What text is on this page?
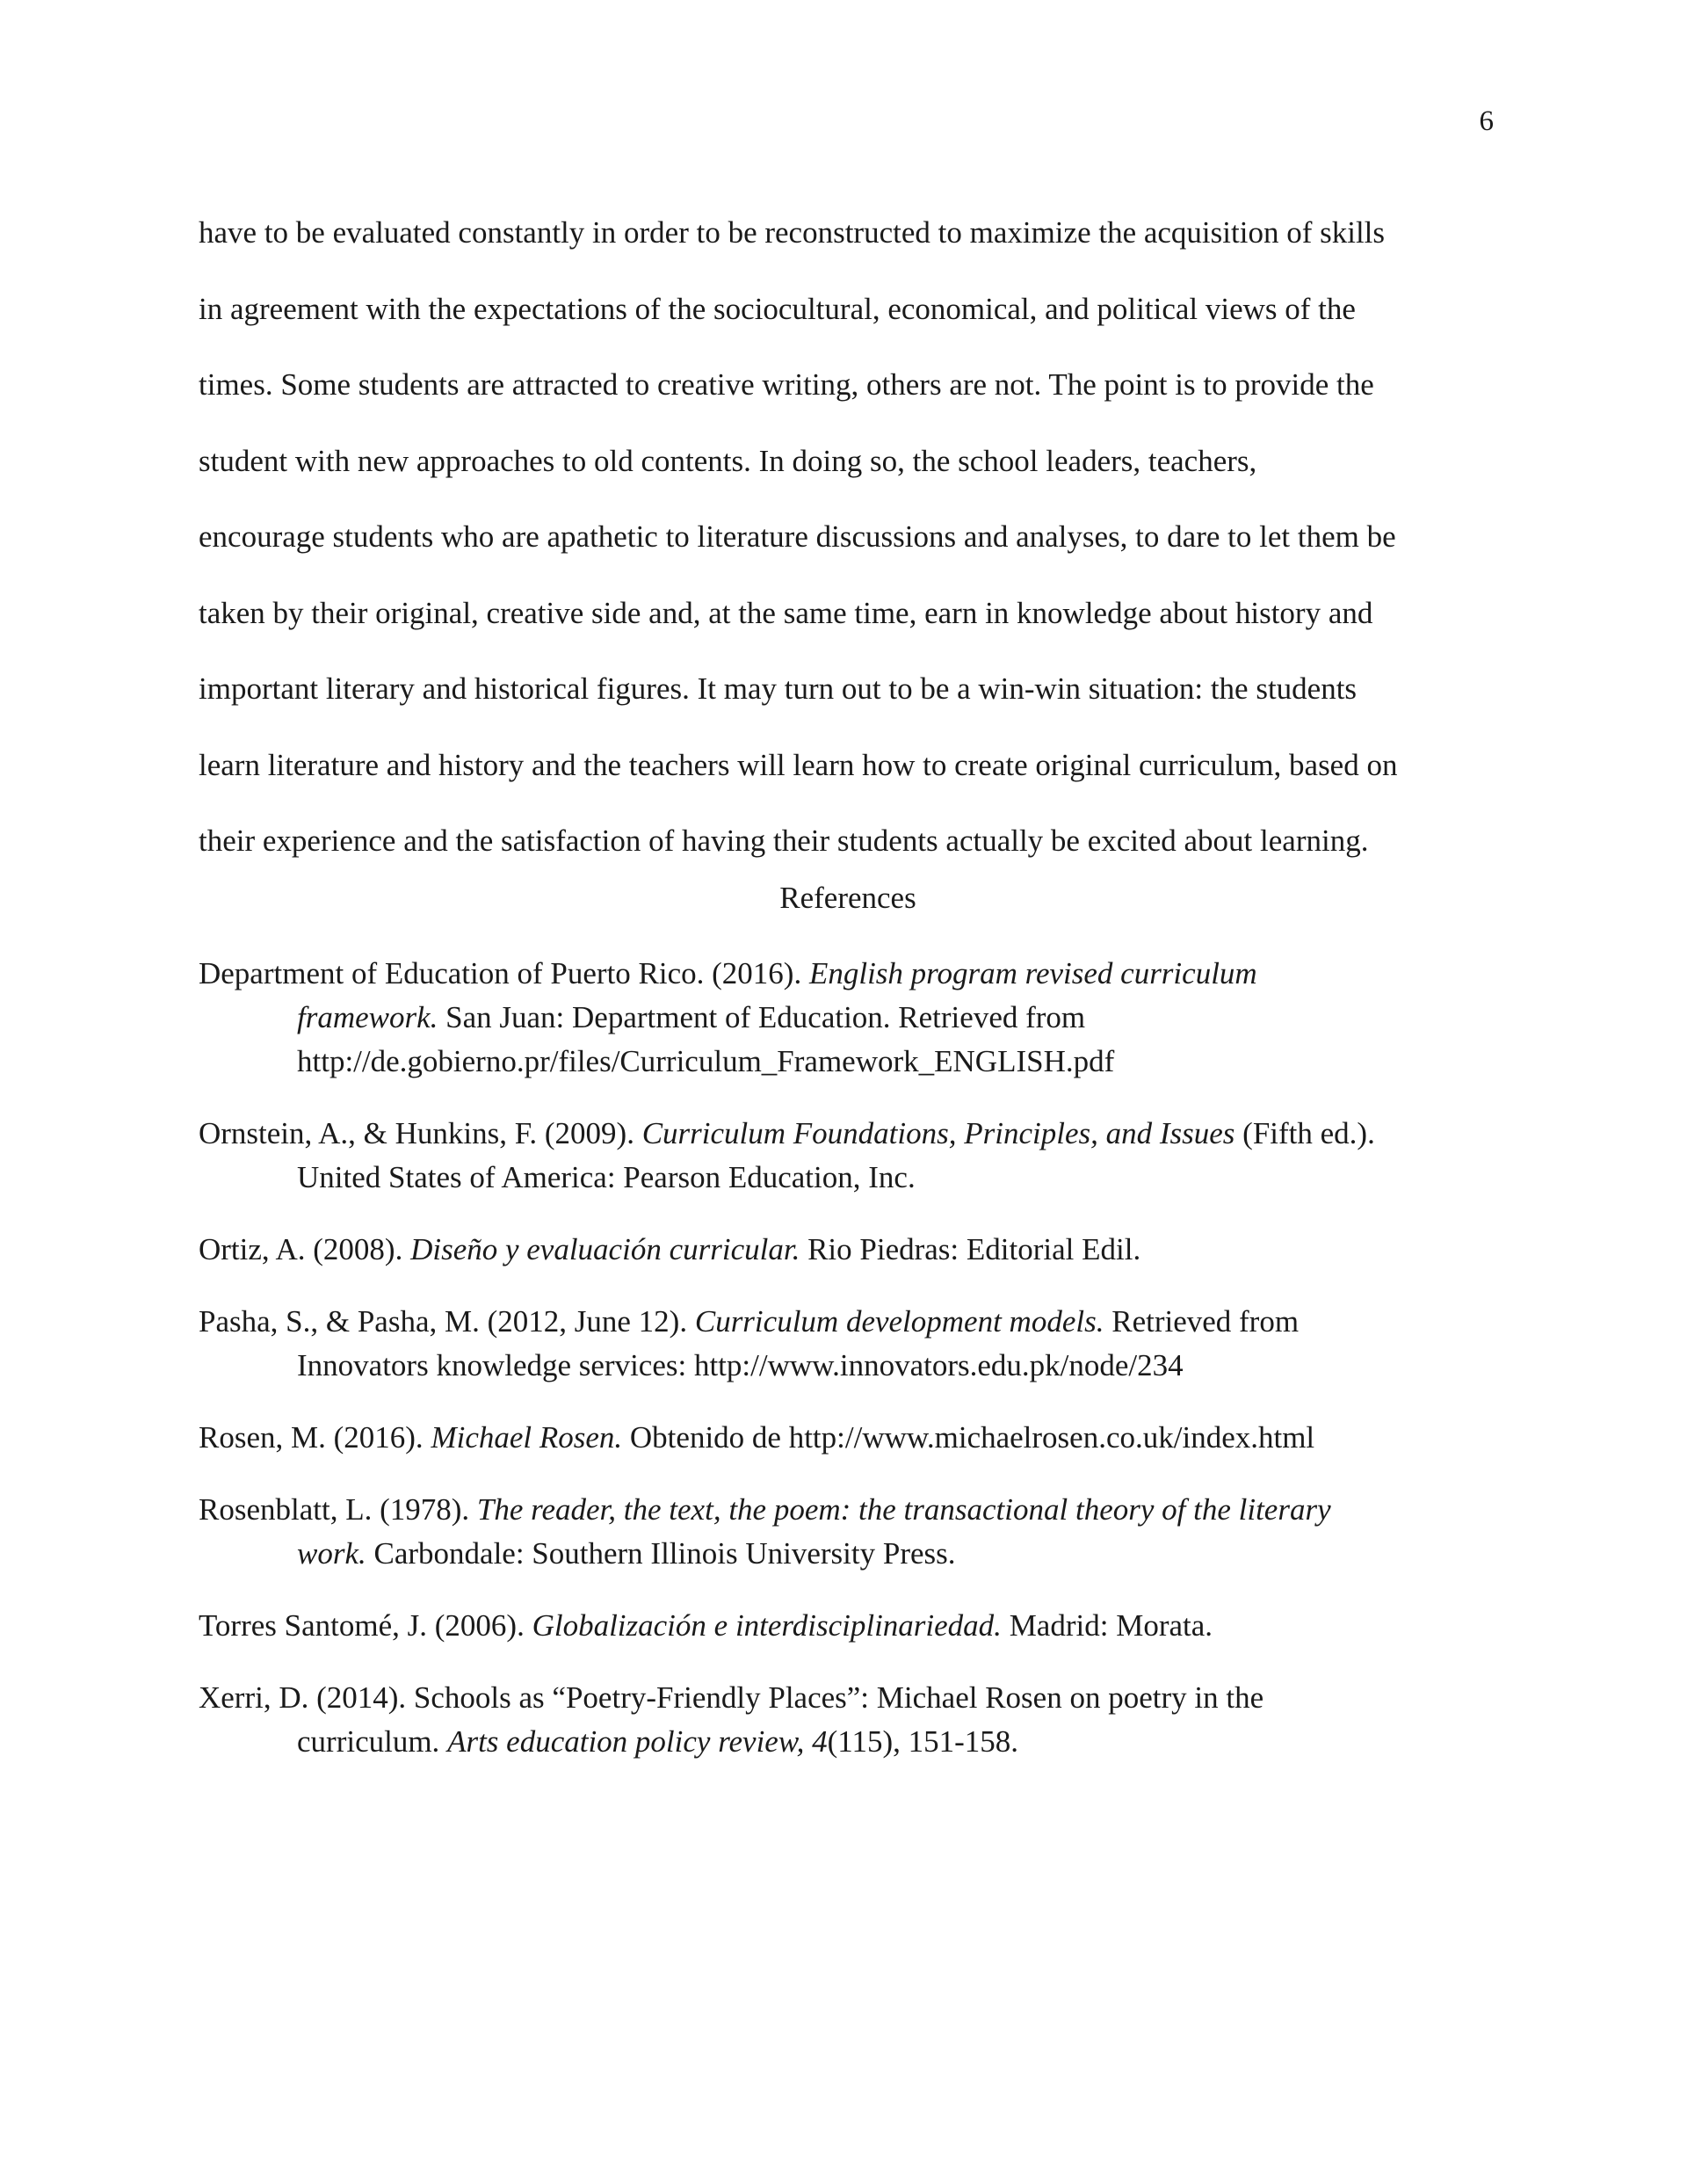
6
have to be evaluated constantly in order to be reconstructed to maximize the acquisition of skills
in agreement with the expectations of the sociocultural, economical, and political views of the
times. Some students are attracted to creative writing, others are not. The point is to provide the
student with new approaches to old contents. In doing so, the school leaders, teachers,
encourage students who are apathetic to literature discussions and analyses, to dare to let them be
taken by their original, creative side and, at the same time, earn in knowledge about history and
important literary and historical figures. It may turn out to be a win-win situation: the students
learn literature and history and the teachers will learn how to create original curriculum, based on
their experience and the satisfaction of having their students actually be excited about learning.
References
Department of Education of Puerto Rico. (2016). English program revised curriculum
framework. San Juan: Department of Education. Retrieved from
http://de.gobierno.pr/files/Curriculum_Framework_ENGLISH.pdf
Ornstein, A., & Hunkins, F. (2009). Curriculum Foundations, Principles, and Issues (Fifth ed.).
United States of America: Pearson Education, Inc.
Ortiz, A. (2008). Diseño y evaluación curricular. Rio Piedras: Editorial Edil.
Pasha, S., & Pasha, M. (2012, June 12). Curriculum development models. Retrieved from
Innovators knowledge services: http://www.innovators.edu.pk/node/234
Rosen, M. (2016). Michael Rosen. Obtenido de http://www.michaelrosen.co.uk/index.html
Rosenblatt, L. (1978). The reader, the text, the poem: the transactional theory of the literary
work. Carbondale: Southern Illinois University Press.
Torres Santomé, J. (2006). Globalización e interdisciplinariedad. Madrid: Morata.
Xerri, D. (2014). Schools as “Poetry-Friendly Places”: Michael Rosen on poetry in the
curriculum. Arts education policy review, 4(115), 151-158.
